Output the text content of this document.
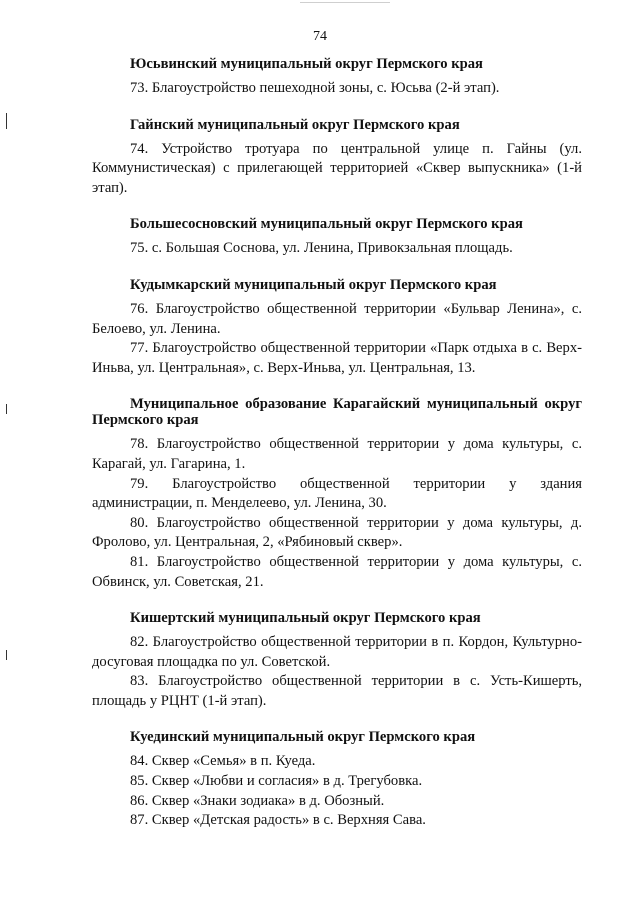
74
Юсьвинский муниципальный округ Пермского края
73. Благоустройство пешеходной зоны, с. Юсьва (2-й этап).
Гайнский муниципальный округ Пермского края
74. Устройство тротуара по центральной улице п. Гайны (ул. Коммунистическая) с прилегающей территорией «Сквер выпускника» (1-й этап).
Большесосновский муниципальный округ Пермского края
75. с. Большая Соснова, ул. Ленина, Привокзальная площадь.
Кудымкарский муниципальный округ Пермского края
76. Благоустройство общественной территории «Бульвар Ленина», с. Белоево, ул. Ленина.
77. Благоустройство общественной территории «Парк отдыха в с. Верх-Иньва, ул. Центральная», с. Верх-Иньва, ул. Центральная, 13.
Муниципальное образование Карагайский муниципальный округ Пермского края
78. Благоустройство общественной территории у дома культуры, с. Карагай, ул. Гагарина, 1.
79. Благоустройство общественной территории у здания администрации, п. Менделеево, ул. Ленина, 30.
80. Благоустройство общественной территории у дома культуры, д. Фролово, ул. Центральная, 2, «Рябиновый сквер».
81. Благоустройство общественной территории у дома культуры, с. Обвинск, ул. Советская, 21.
Кишертский муниципальный округ Пермского края
82. Благоустройство общественной территории в п. Кордон, Культурно-досуговая площадка по ул. Советской.
83. Благоустройство общественной территории в с. Усть-Кишерть, площадь у РЦНТ (1-й этап).
Куединский муниципальный округ Пермского края
84. Сквер «Семья» в п. Куеда.
85. Сквер «Любви и согласия» в д. Трегубовка.
86. Сквер «Знаки зодиака» в д. Обозный.
87. Сквер «Детская радость» в с. Верхняя Сава.
